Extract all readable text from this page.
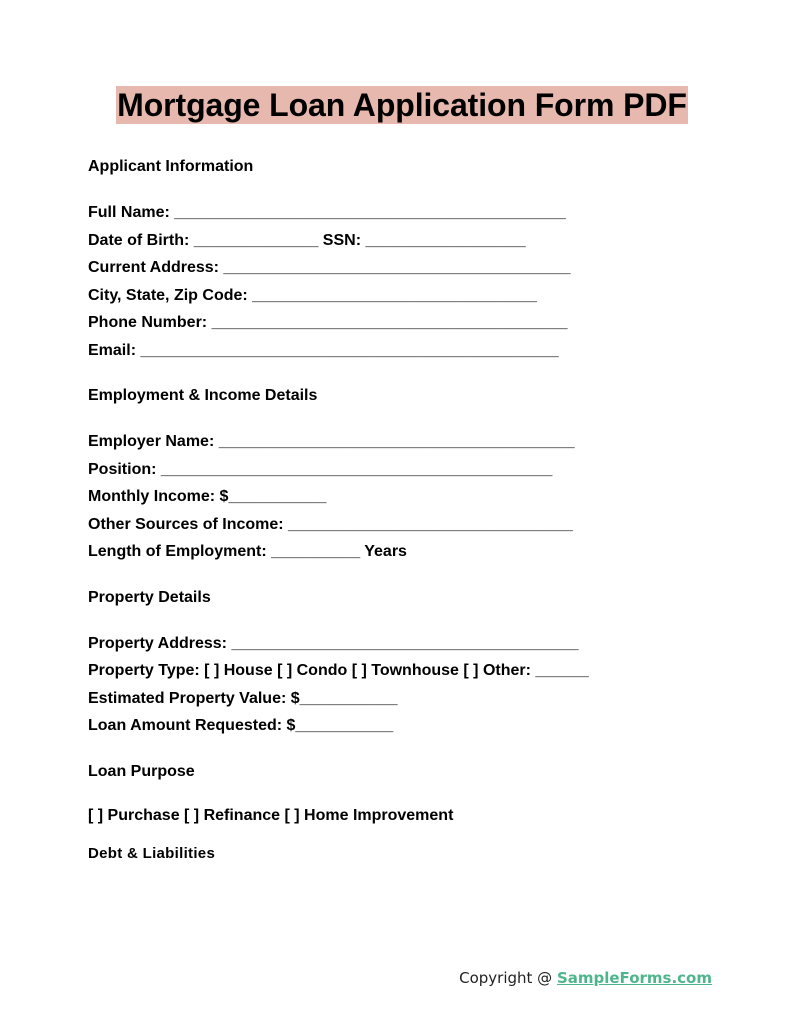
Mortgage Loan Application Form PDF
Applicant Information
Full Name: ____________________________________________
Date of Birth: ______________ SSN: __________________
Current Address: _______________________________________
City, State, Zip Code: ________________________________
Phone Number: ________________________________________
Email: _______________________________________________
Employment & Income Details
Employer Name: ________________________________________
Position: ____________________________________________
Monthly Income: $___________
Other Sources of Income: ________________________________
Length of Employment: __________ Years
Property Details
Property Address: _______________________________________
Property Type: [ ] House [ ] Condo [ ] Townhouse [ ] Other: ______
Estimated Property Value: $___________
Loan Amount Requested: $___________
Loan Purpose
[ ] Purchase [ ] Refinance [ ] Home Improvement
Debt & Liabilities
Copyright @ SampleForms.com
